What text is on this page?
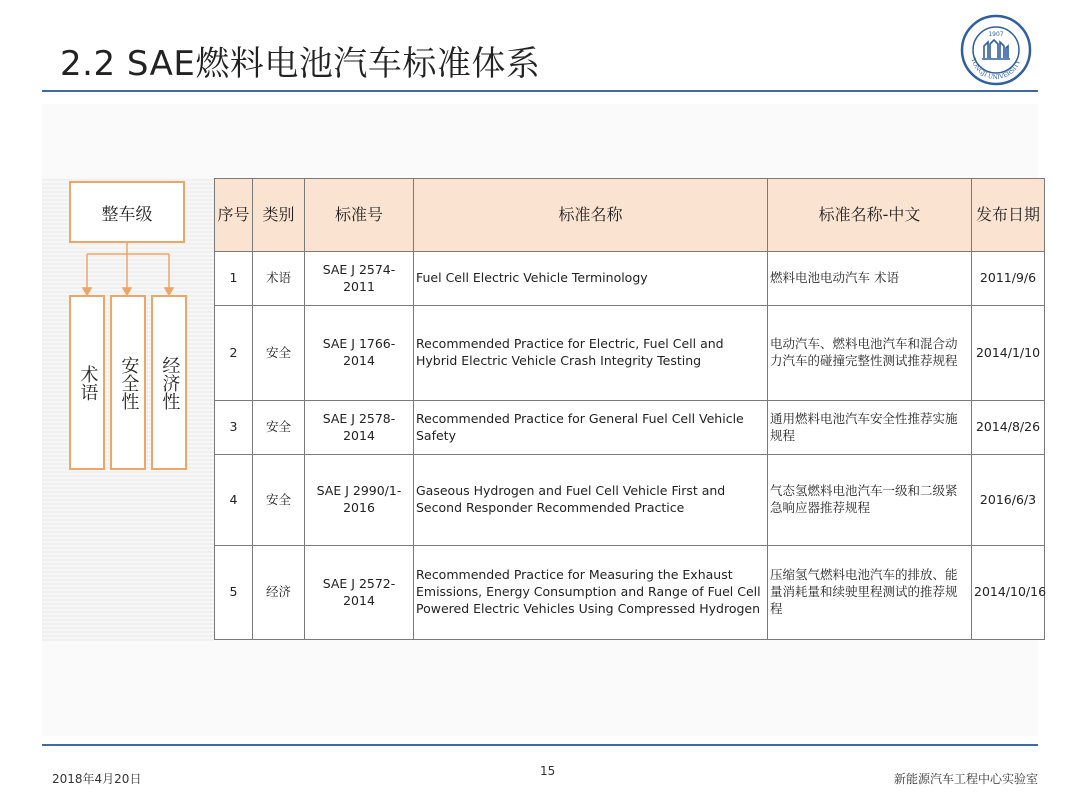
2.2 SAE燃料电池汽车标准体系	TONGJI UNIVERSITY
1907
整车级
术语	安全性	经济性
序号	类别	标准号	标准名称	标准名称-中文	发布日期
1	术语	SAE J 2574-2011	Fuel Cell Electric Vehicle Terminology	燃料电池电动汽车 术语	2011/9/6
2	安全	SAE J 1766-2014	Recommended Practice for Electric, Fuel Cell and Hybrid Electric Vehicle Crash Integrity Testing	电动汽车、燃料电池汽车和混合动力汽车的碰撞完整性测试推荐规程	2014/1/10
3	安全	SAE J 2578-2014	Recommended Practice for General Fuel Cell Vehicle Safety	通用燃料电池汽车安全性推荐实施规程	2014/8/26
4	安全	SAE J 2990/1-2016	Gaseous Hydrogen and Fuel Cell Vehicle First and Second Responder Recommended Practice	气态氢燃料电池汽车一级和二级紧急响应器推荐规程	2016/6/3
5	经济	SAE J 2572-2014	Recommended Practice for Measuring the Exhaust Emissions, Energy Consumption and Range of Fuel Cell Powered Electric Vehicles Using Compressed Hydrogen	压缩氢气燃料电池汽车的排放、能量消耗量和续驶里程测试的推荐规程	2014/10/16
2018年4月20日
15
新能源汽车工程中心实验室
